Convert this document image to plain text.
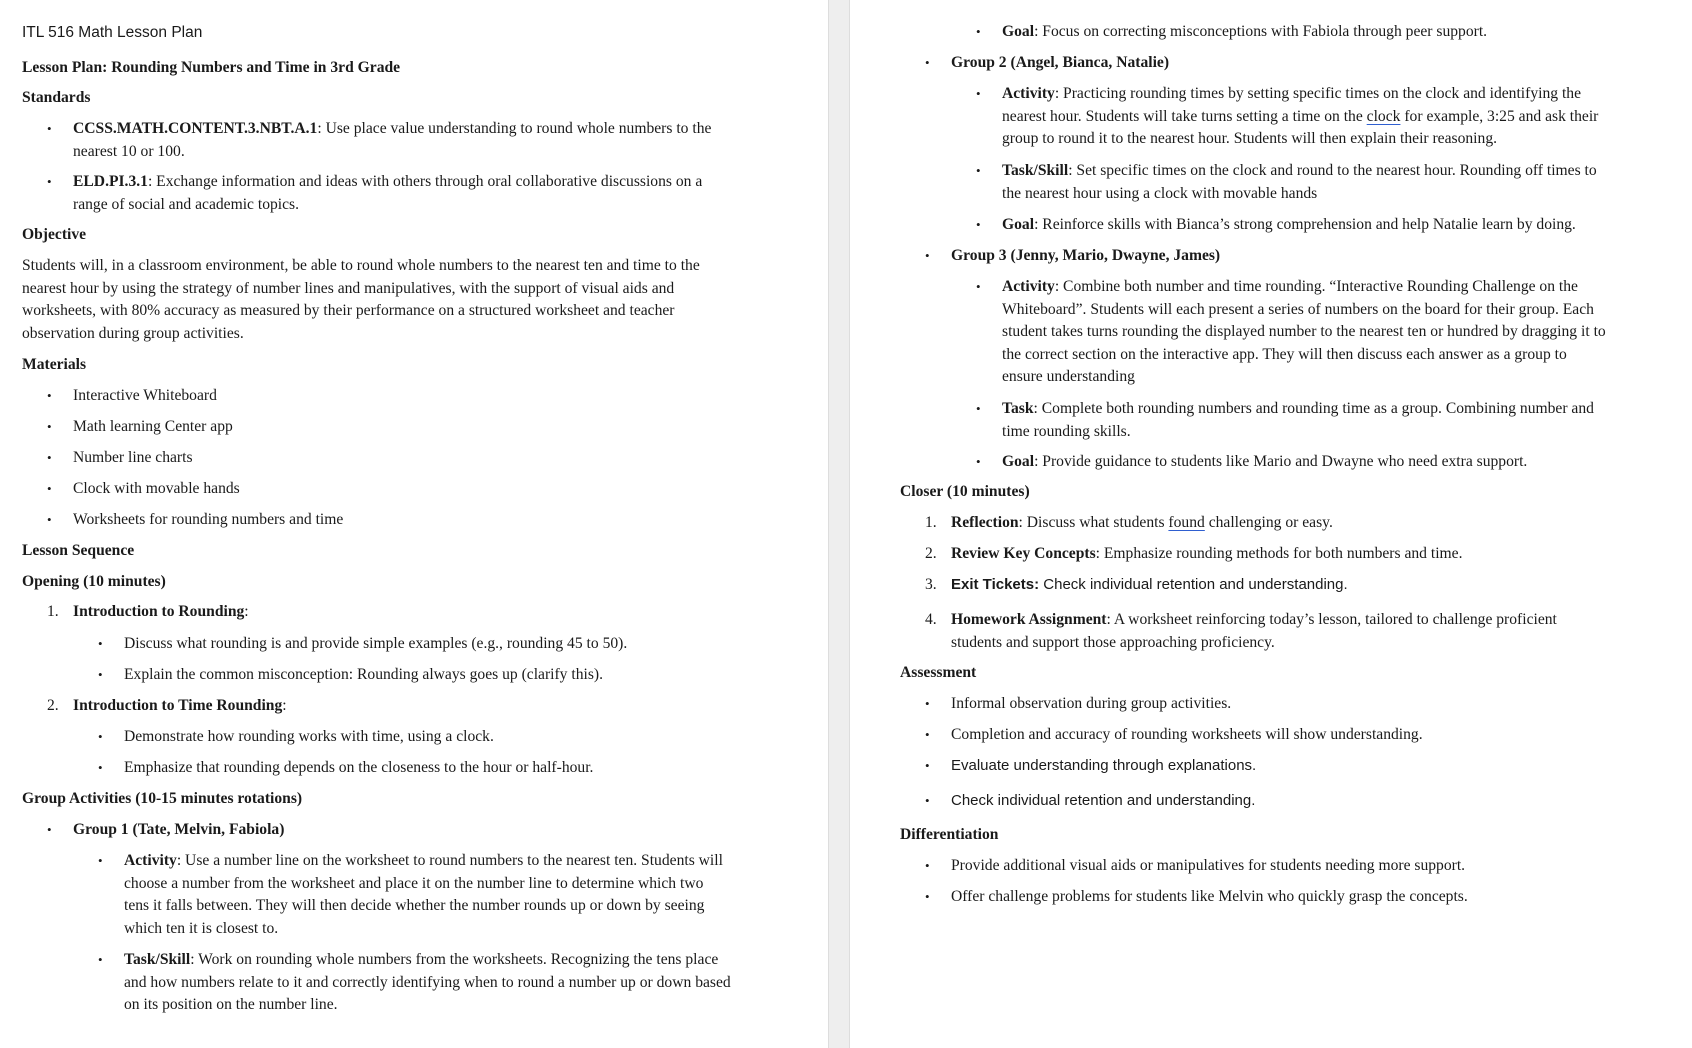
ITL 516 Math Lesson Plan
Lesson Plan: Rounding Numbers and Time in 3rd Grade
Standards
• CCSS.MATH.CONTENT.3.NBT.A.1: Use place value understanding to round whole numbers to the
nearest 10 or 100.
• ELD.PI.3.1: Exchange information and ideas with others through oral collaborative discussions on a
range of social and academic topics.
Objective
Students will, in a classroom environment, be able to round whole numbers to the nearest ten and time to the
nearest hour by using the strategy of number lines and manipulatives, with the support of visual aids and
worksheets, with 80% accuracy as measured by their performance on a structured worksheet and teacher
observation during group activities.
Materials
• Interactive Whiteboard
• Math learning Center app
• Number line charts
• Clock with movable hands
• Worksheets for rounding numbers and time
Lesson Sequence
Opening (10 minutes)
1. Introduction to Rounding:
• Discuss what rounding is and provide simple examples (e.g., rounding 45 to 50).
• Explain the common misconception: Rounding always goes up (clarify this).
2. Introduction to Time Rounding:
• Demonstrate how rounding works with time, using a clock.
• Emphasize that rounding depends on the closeness to the hour or half-hour.
Group Activities (10-15 minutes rotations)
• Group 1 (Tate, Melvin, Fabiola)
• Activity: Use a number line on the worksheet to round numbers to the nearest ten. Students will
choose a number from the worksheet and place it on the number line to determine which two
tens it falls between. They will then decide whether the number rounds up or down by seeing
which ten it is closest to.
• Task/Skill: Work on rounding whole numbers from the worksheets. Recognizing the tens place
and how numbers relate to it and correctly identifying when to round a number up or down based
on its position on the number line.
• Goal: Focus on correcting misconceptions with Fabiola through peer support.
• Group 2 (Angel, Bianca, Natalie)
• Activity: Practicing rounding times by setting specific times on the clock and identifying the
nearest hour. Students will take turns setting a time on the clock for example, 3:25 and ask their
group to round it to the nearest hour. Students will then explain their reasoning.
• Task/Skill: Set specific times on the clock and round to the nearest hour. Rounding off times to
the nearest hour using a clock with movable hands
• Goal: Reinforce skills with Bianca’s strong comprehension and help Natalie learn by doing.
• Group 3 (Jenny, Mario, Dwayne, James)
• Activity: Combine both number and time rounding. “Interactive Rounding Challenge on the
Whiteboard”. Students will each present a series of numbers on the board for their group. Each
student takes turns rounding the displayed number to the nearest ten or hundred by dragging it to
the correct section on the interactive app. They will then discuss each answer as a group to
ensure understanding
• Task: Complete both rounding numbers and rounding time as a group. Combining number and
time rounding skills.
• Goal: Provide guidance to students like Mario and Dwayne who need extra support.
Closer (10 minutes)
1. Reflection: Discuss what students found challenging or easy.
2. Review Key Concepts: Emphasize rounding methods for both numbers and time.
3. Exit Tickets: Check individual retention and understanding.
4. Homework Assignment: A worksheet reinforcing today’s lesson, tailored to challenge proficient
students and support those approaching proficiency.
Assessment
• Informal observation during group activities.
• Completion and accuracy of rounding worksheets will show understanding.
• Evaluate understanding through explanations.
• Check individual retention and understanding.
Differentiation
• Provide additional visual aids or manipulatives for students needing more support.
• Offer challenge problems for students like Melvin who quickly grasp the concepts.
